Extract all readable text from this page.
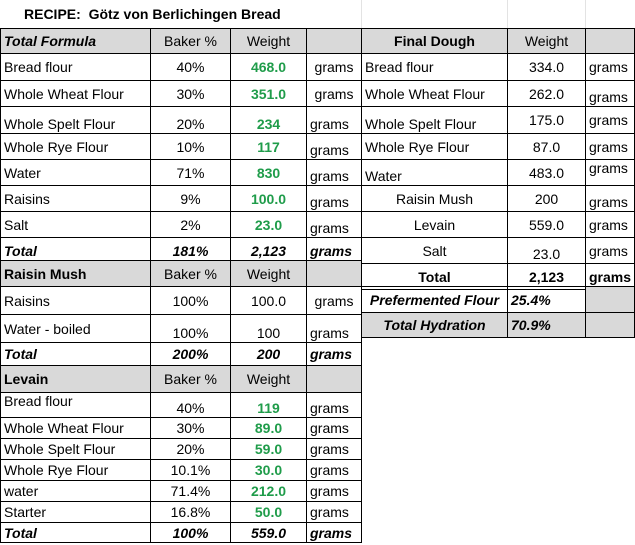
RECIPE:  Götz von Berlichingen Bread
Total Formula	Baker %	Weight	
Bread flour	40%	468.0	grams
Whole Wheat Flour	30%	351.0	grams
Whole Spelt Flour	20%	234	grams
Whole Rye Flour	10%	117	grams
Water	71%	830	grams
Raisins	9%	100.0	grams
Salt	2%	23.0	grams
Total	181%	2,123	grams
Raisin Mush	Baker %	Weight	
Raisins	100%	100.0	grams
Water - boiled	100%	100	grams
Total	200%	200	grams
Levain	Baker %	Weight	
Bread flour	40%	119	grams
Whole Wheat Flour	30%	89.0	grams
Whole Spelt Flour	20%	59.0	grams
Whole Rye Flour	10.1%	30.0	grams
water	71.4%	212.0	grams
Starter	16.8%	50.0	grams
Total	100%	559.0	grams
Final Dough	Weight	
Bread flour	334.0	grams
Whole Wheat Flour	262.0	grams
Whole Spelt Flour	175.0	grams
Whole Rye Flour	87.0	grams
Water	483.0	grams
Raisin Mush	200	grams
Levain	559.0	grams
Salt	23.0	grams
Total	2,123	grams
Prefermented Flour	25.4%	
Total Hydration	70.9%	
